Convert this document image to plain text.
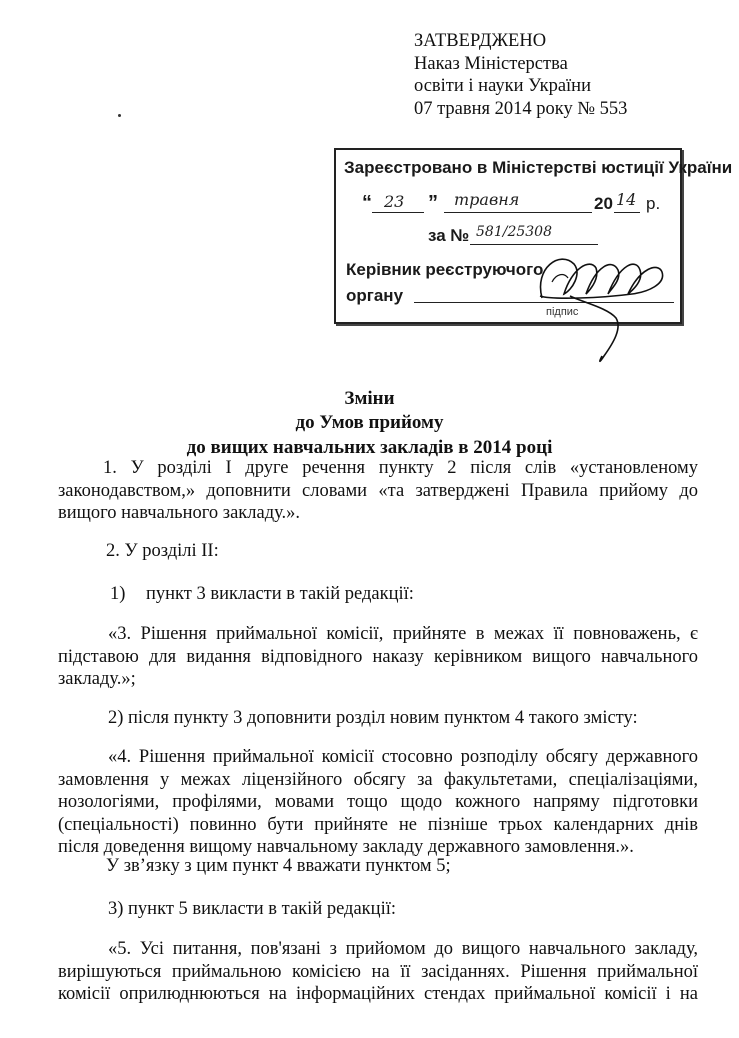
ЗАТВЕРДЖЕНО
Наказ Міністерства
освіти і науки України
07 травня 2014 року № 553
Зареєстровано в Міністерстві юстиції України
“ 23 ” травня	20 14 р.
за № 581/25308
Керівник реєструючого
органу
підпис
Зміни
до Умов прийому
до вищих навчальних закладів в 2014 році
1. У розділі І друге речення пункту 2 після слів «установленому
законодавством,» доповнити словами «та затверджені Правила прийому до
вищого навчального закладу.».
2. У розділі ІІ:
1) пункт 3 викласти в такій редакції:
«3. Рішення приймальної комісії, прийняте в межах її повноважень, є
підставою для видання відповідного наказу керівником вищого навчального
закладу.»;
2) після пункту 3 доповнити розділ новим пунктом 4 такого змісту:
«4. Рішення приймальної комісії стосовно розподілу обсягу державного
замовлення у межах ліцензійного обсягу за факультетами, спеціалізаціями,
нозологіями, профілями, мовами тощо щодо кожного напряму підготовки
(спеціальності) повинно бути прийняте не пізніше трьох календарних днів
після доведення вищому навчальному закладу державного замовлення.».
У зв’язку з цим пункт 4 вважати пунктом 5;
3) пункт 5 викласти в такій редакції:
«5. Усі питання, пов'язані з прийомом до вищого навчального закладу,
вирішуються приймальною комісією на її засіданнях. Рішення приймальної
комісії оприлюднюються на інформаційних стендах приймальної комісії і на
